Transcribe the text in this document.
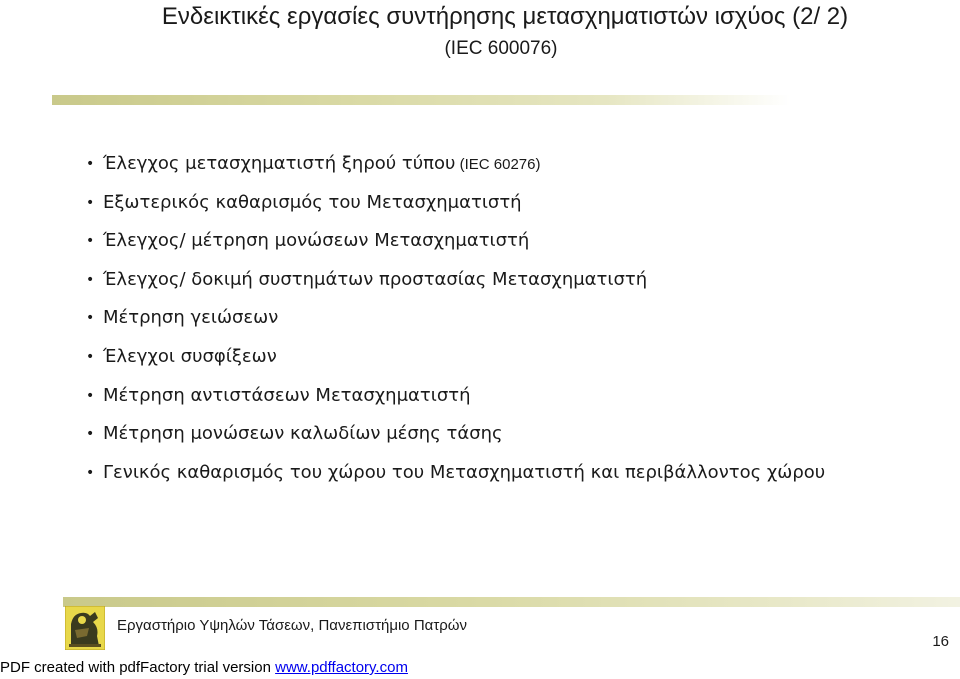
Ενδεικτικές εργασίες συντήρησης μετασχηματιστών ισχύος (2/ 2)
(IEC 600076)
• Έλεγχος μετασχηματιστή ξηρού τύπου (IEC 60276)
• Εξωτερικός καθαρισμός του Μετασχηματιστή
• Έλεγχος/ μέτρηση μονώσεων Μετασχηματιστή
• Έλεγχος/ δοκιμή συστημάτων προστασίας Μετασχηματιστή
• Μέτρηση γειώσεων
• Έλεγχοι συσφίξεων
• Μέτρηση αντιστάσεων Μετασχηματιστή
• Μέτρηση μονώσεων καλωδίων μέσης τάσης
• Γενικός καθαρισμός του χώρου του Μετασχηματιστή και περιβάλλοντος χώρου
Εργαστήριο Υψηλών Τάσεων, Πανεπιστήμιο Πατρών
16
PDF created with pdfFactory trial version www.pdffactory.com
